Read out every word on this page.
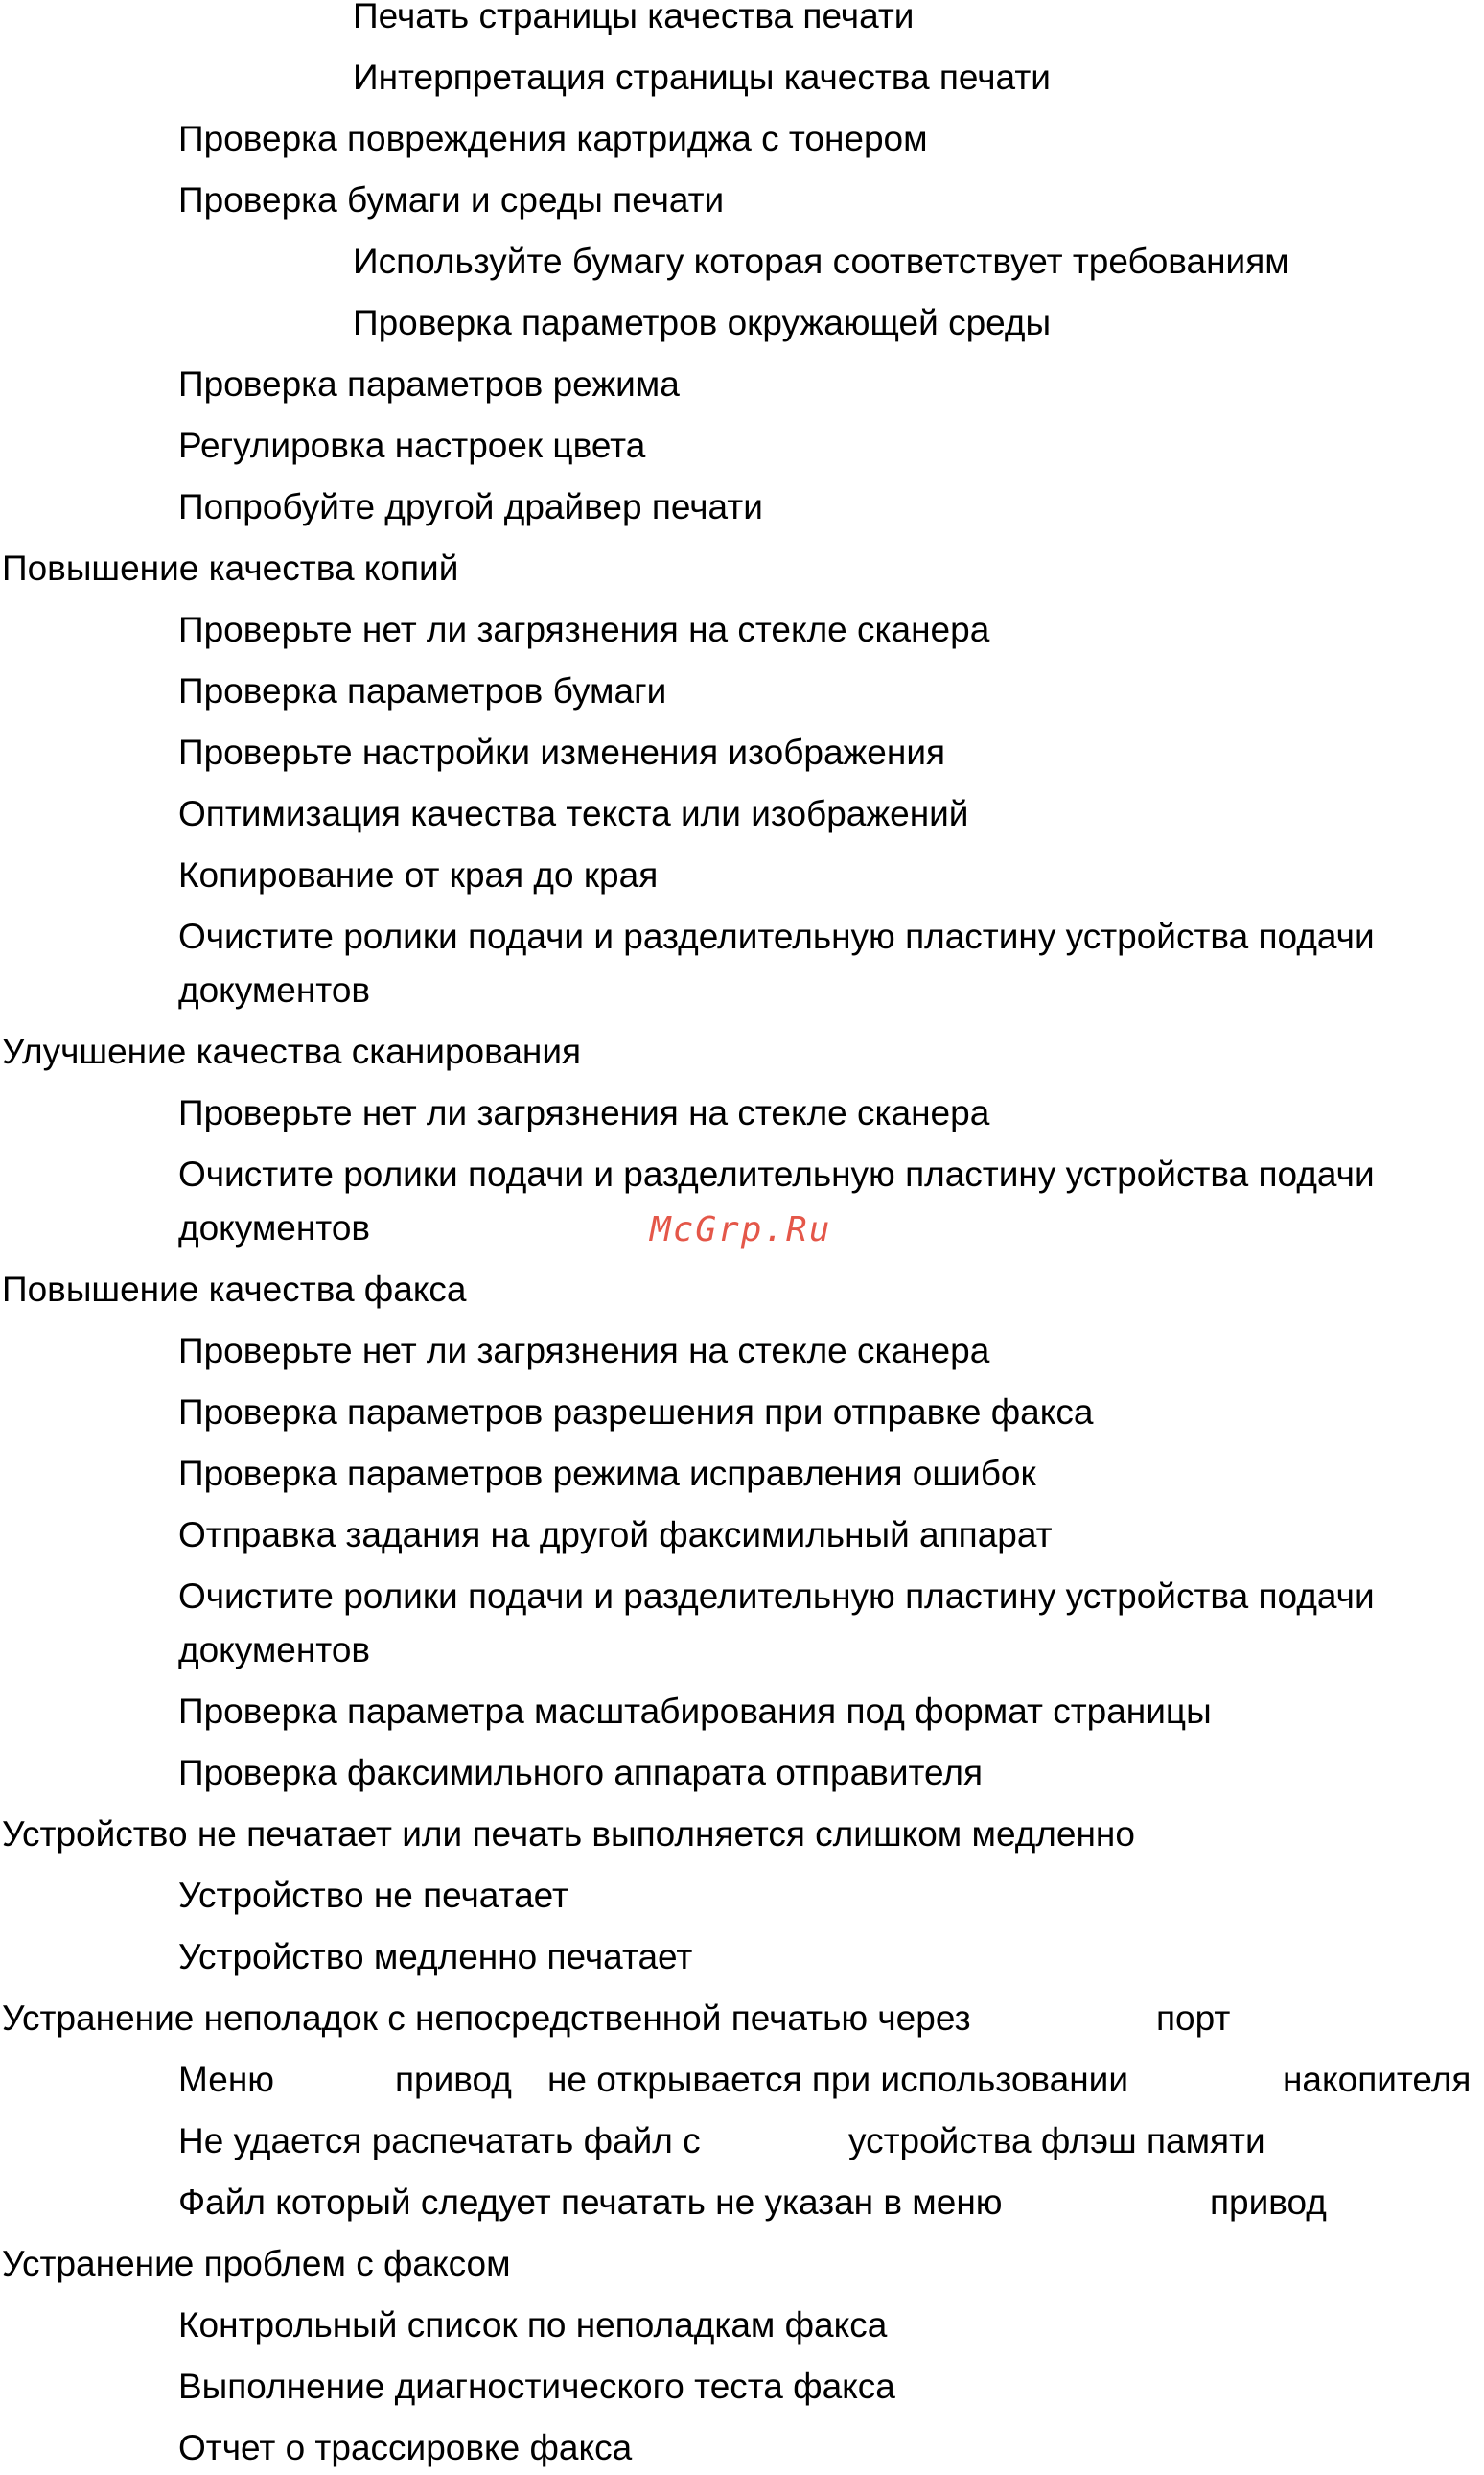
Печать страницы качества печати
Интерпретация страницы качества печати
Проверка повреждения картриджа с тонером
Проверка бумаги и среды печати
Используйте бумагу которая соответствует требованиям
Проверка параметров окружающей среды
Проверка параметров режима
Регулировка настроек цвета
Попробуйте другой драйвер печати
Повышение качества копий
Проверьте нет ли загрязнения на стекле сканера
Проверка параметров бумаги
Проверьте настройки изменения изображения
Оптимизация качества текста или изображений
Копирование от края до края
Очистите ролики подачи и разделительную пластину устройства подачи документов
Улучшение качества сканирования
Проверьте нет ли загрязнения на стекле сканера
Очистите ролики подачи и разделительную пластину устройства подачи документов
Повышение качества факса
Проверьте нет ли загрязнения на стекле сканера
Проверка параметров разрешения при отправке факса
Проверка параметров режима исправления ошибок
Отправка задания на другой факсимильный аппарат
Очистите ролики подачи и разделительную пластину устройства подачи документов
Проверка параметра масштабирования под формат страницы
Проверка факсимильного аппарата отправителя
Устройство не печатает или печать выполняется слишком медленно
Устройство не печатает
Устройство медленно печатает
Устранение неполадок с непосредственной печатью через	порт
Меню	привод не открывается при использовании	накопителя
Не удается распечатать файл с	устройства флэш памяти
Файл который следует печатать не указан в меню	привод
Устранение проблем с факсом
Контрольный список по неполадкам факса
Выполнение диагностического теста факса
Отчет о трассировке факса
McGrp.Ru
